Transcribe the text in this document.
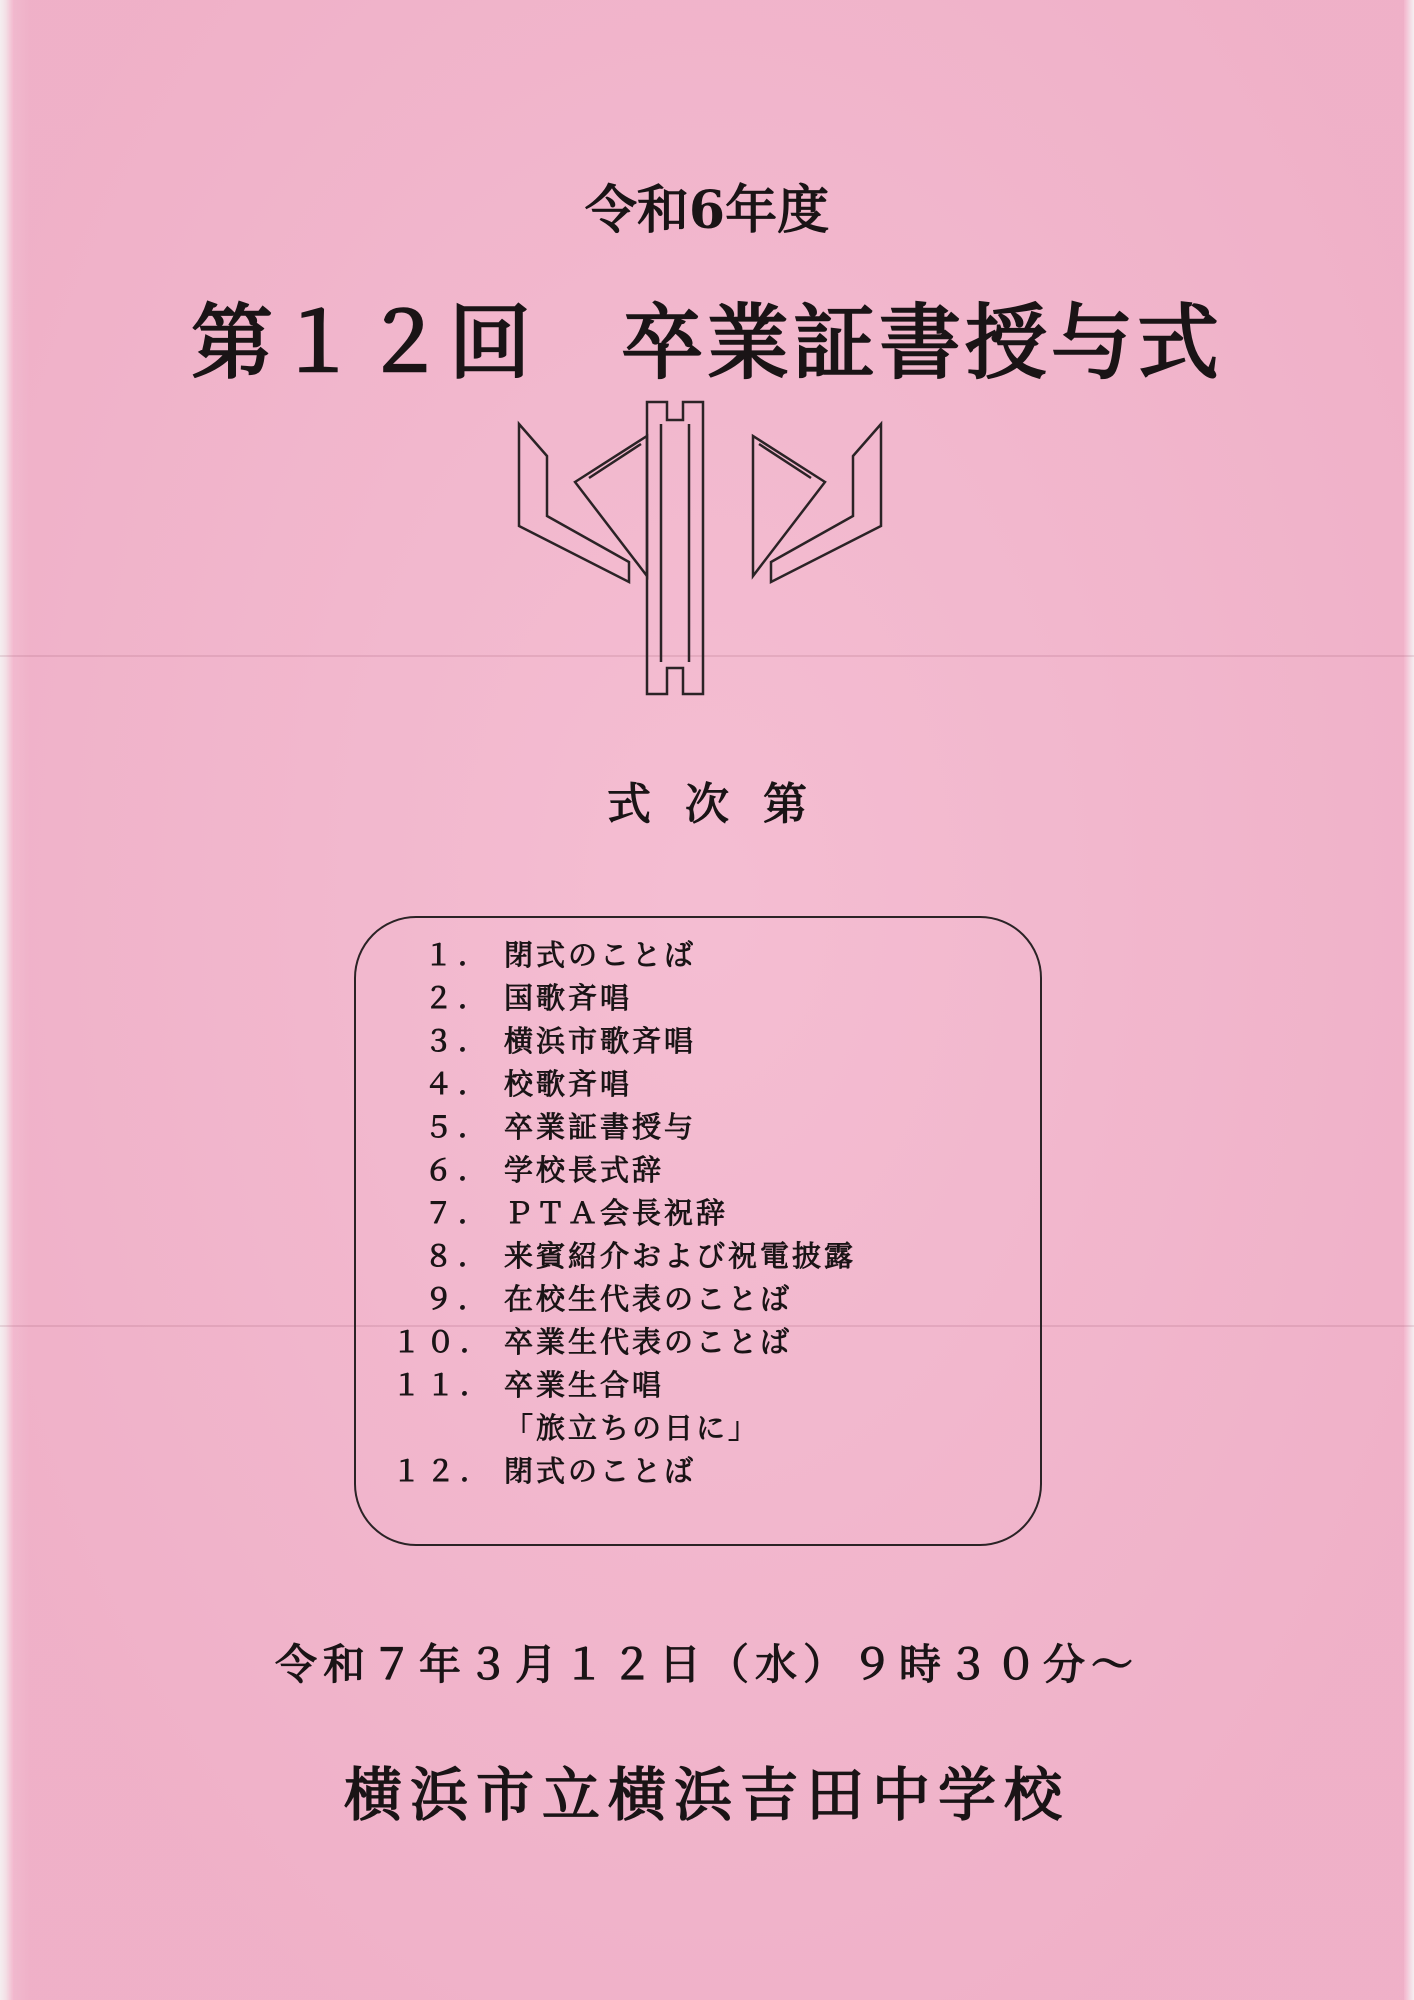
令和6年度
第１２回　卒業証書授与式
式次第
１． 閉式のことば
２． 国歌斉唱
３． 横浜市歌斉唱
４． 校歌斉唱
５． 卒業証書授与
６． 学校長式辞
７． ＰＴＡ会長祝辞
８． 来賓紹介および祝電披露
９． 在校生代表のことば
１０． 卒業生代表のことば
１１． 卒業生合唱
「旅立ちの日に」
１２． 閉式のことば
令和７年３月１２日（水）９時３０分～
横浜市立横浜吉田中学校
